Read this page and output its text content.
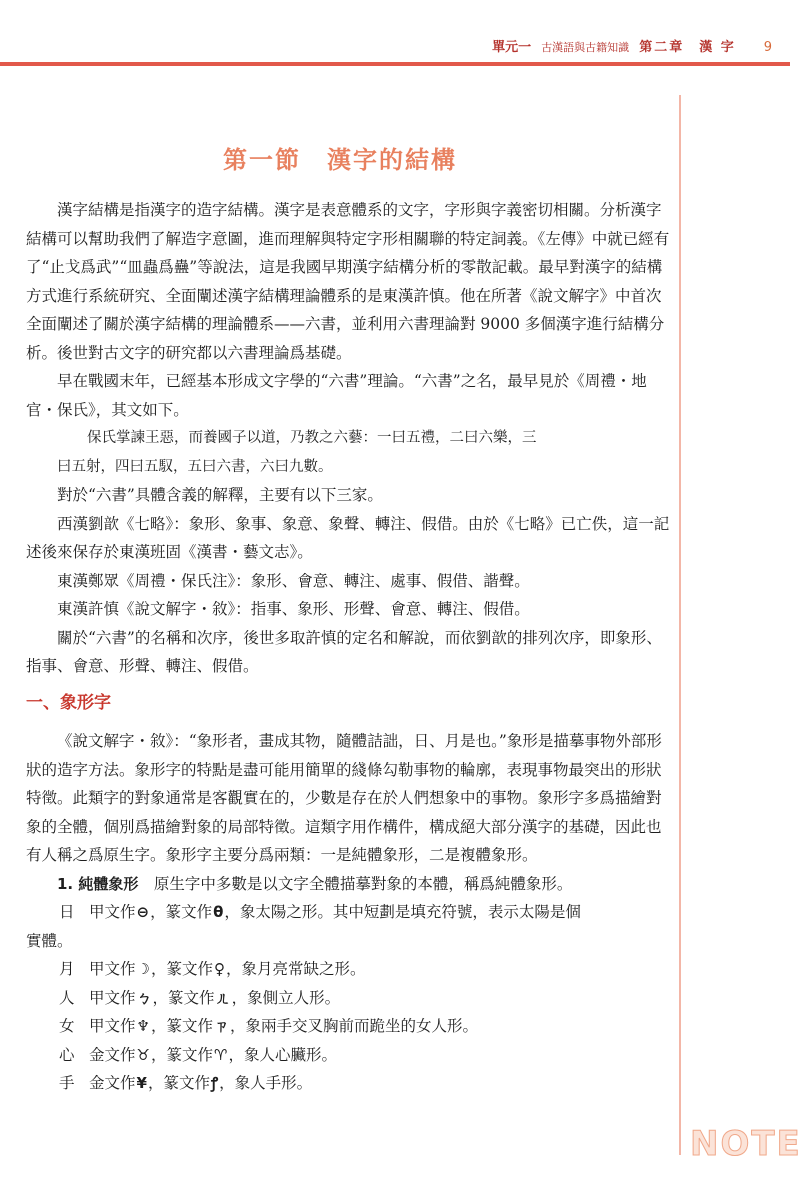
單元一 古漢語與古籍知識 第二章　漢 字 9
NOTE
第一節　漢字的結構

漢字結構是指漢字的造字結構。漢字是表意體系的文字，字形與字義密切相關。分析漢字結構可以幫助我們了解造字意圖，進而理解與特定字形相關聯的特定詞義。《左傳》中就已經有了“止戈爲武”“皿蟲爲蠱”等說法，這是我國早期漢字結構分析的零散記載。最早對漢字的結構方式進行系統研究、全面闡述漢字結構理論體系的是東漢許慎。他在所著《說文解字》中首次全面闡述了關於漢字結構的理論體系——六書，並利用六書理論對 9000 多個漢字進行結構分析。後世對古文字的研究都以六書理論爲基礎。

早在戰國末年，已經基本形成文字學的“六書”理論。“六書”之名，最早見於《周禮・地官・保氏》，其文如下。

保氏掌諫王惡，而養國子以道，乃教之六藝：一曰五禮，二曰六樂，三

曰五射，四曰五馭，五曰六書，六曰九數。

對於“六書”具體含義的解釋，主要有以下三家。

西漢劉歆《七略》：象形、象事、象意、象聲、轉注、假借。由於《七略》已亡佚，這一記述後來保存於東漢班固《漢書・藝文志》。

東漢鄭眾《周禮・保氏注》：象形、會意、轉注、處事、假借、諧聲。

東漢許慎《說文解字・敘》：指事、象形、形聲、會意、轉注、假借。

關於“六書”的名稱和次序，後世多取許慎的定名和解說，而依劉歆的排列次序，即象形、指事、會意、形聲、轉注、假借。

一、象形字

《說文解字・敘》：“象形者，畫成其物，隨體詰詘，日、月是也。”象形是描摹事物外部形狀的造字方法。象形字的特點是盡可能用簡單的綫條勾勒事物的輪廓，表現事物最突出的形狀特徵。此類字的對象通常是客觀實在的，少數是存在於人們想象中的事物。象形字多爲描繪對象的全體，個別爲描繪對象的局部特徵。這類字用作構件，構成絕大部分漢字的基礎，因此也有人稱之爲原生字。象形字主要分爲兩類：一是純體象形，二是複體象形。

1. 純體象形　 原生字中多數是以文字全體描摹對象的本體，稱爲純體象形。

日 甲文作⊖，篆文作θ，象太陽之形。其中短劃是填充符號，表示太陽是個

實體。

月 甲文作☽，篆文作♀，象月亮常缺之形。

人 甲文作ㄅ，篆文作ㄦ，象側立人形。

女 甲文作♆，篆文作ㄗ，象兩手交叉胸前而跪坐的女人形。

心 金文作♉，篆文作♈，象人心臟形。

手 金文作¥，篆文作ꝭ，象人手形。
